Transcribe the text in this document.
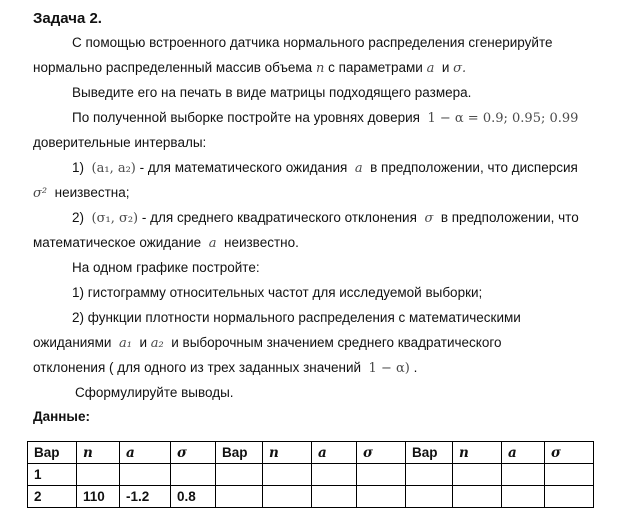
Задача 2.
С помощью встроенного датчика нормального распределения сгенерируйте
нормально распределенный массив объема n с параметрами a и σ.
Выведите его на печать в виде матрицы подходящего размера.
По полученной выборке постройте на уровнях доверия 1 − α = 0.9; 0.95; 0.99
доверительные интервалы:
1) (a₁, a₂) - для математического ожидания a в предположении, что дисперсия
σ² неизвестна;
2) (σ₁, σ₂) - для среднего квадратического отклонения σ в предположении, что
математическое ожидание a неизвестно.
На одном графике постройте:
1) гистограмму относительных частот для исследуемой выборки;
2) функции плотности нормального распределения с математическими
ожиданиями a₁ и a₂ и выборочным значением среднего квадратического
отклонения ( для одного из трех заданных значений 1 − α) .
Сформулируйте выводы.
Данные:
Вар	n	a	σ	Вар	n	a	σ	Вар	n	a	σ
1											
2	110	-1.2	0.8								
